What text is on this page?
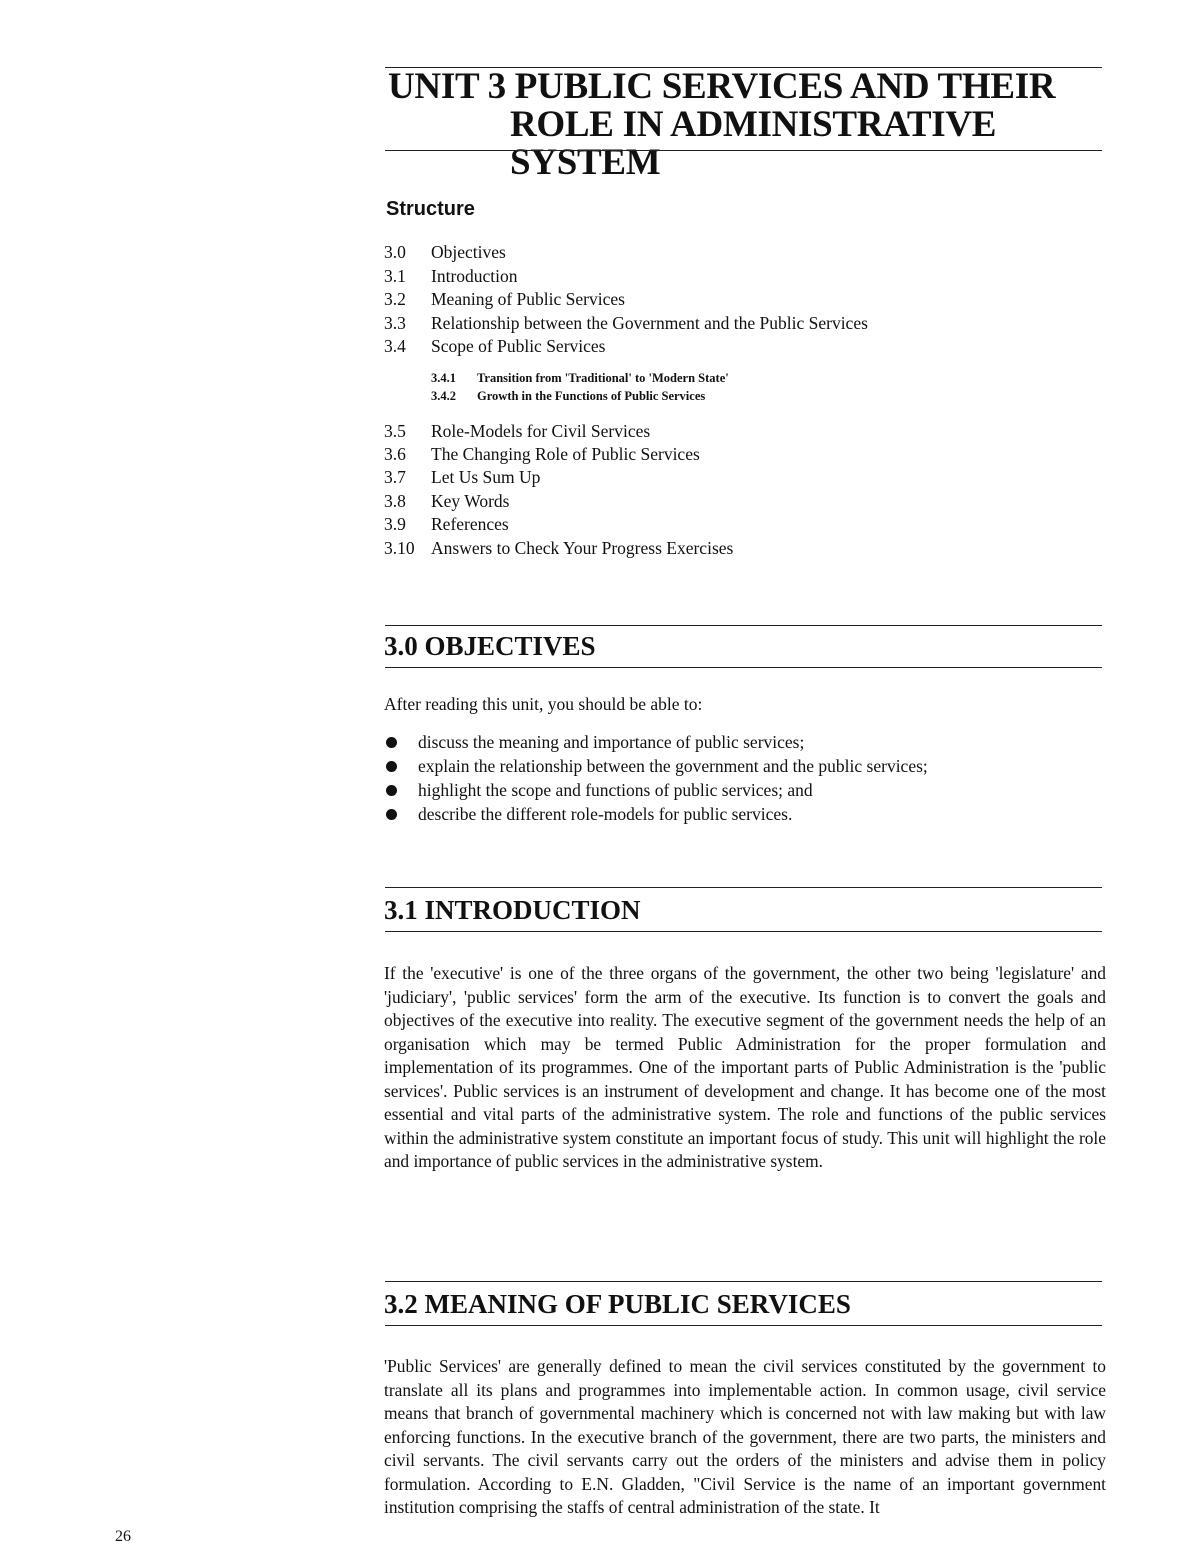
UNIT 3 PUBLIC SERVICES AND THEIR
ROLE IN ADMINISTRATIVE SYSTEM
Structure
3.0 Objectives
3.1 Introduction
3.2 Meaning of Public Services
3.3 Relationship between the Government and the Public Services
3.4 Scope of Public Services
3.4.1 Transition from 'Traditional' to 'Modern State'
3.4.2 Growth in the Functions of Public Services
3.5 Role-Models for Civil Services
3.6 The Changing Role of Public Services
3.7 Let Us Sum Up
3.8 Key Words
3.9 References
3.10 Answers to Check Your Progress Exercises
3.0 OBJECTIVES
After reading this unit, you should be able to:
discuss the meaning and importance of public services;
explain the relationship between the government and the public services;
highlight the scope and functions of public services; and
describe the different role-models for public services.
3.1 INTRODUCTION

If the 'executive' is one of the three organs of the government, the other two being 'legislature' and 'judiciary', 'public services' form the arm of the executive. Its function is to convert the goals and objectives of the executive into reality. The executive segment of the government needs the help of an organisation which may be termed Public Administration for the proper formulation and implementation of its programmes. One of the important parts of Public Administration is the 'public services'. Public services is an instrument of development and change. It has become one of the most essential and vital parts of the administrative system. The role and functions of the public services within the administrative system constitute an important focus of study. This unit will highlight the role and importance of public services in the administrative system.

3.2 MEANING OF PUBLIC SERVICES

'Public Services' are generally defined to mean the civil services constituted by the government to translate all its plans and programmes into implementable action. In common usage, civil service means that branch of governmental machinery which is concerned not with law making but with law enforcing functions. In the executive branch of the government, there are two parts, the ministers and civil servants. The civil servants carry out the orders of the ministers and advise them in policy formulation. According to E.N. Gladden, "Civil Service is the name of an important government institution comprising the staffs of central administration of the state. It

26
